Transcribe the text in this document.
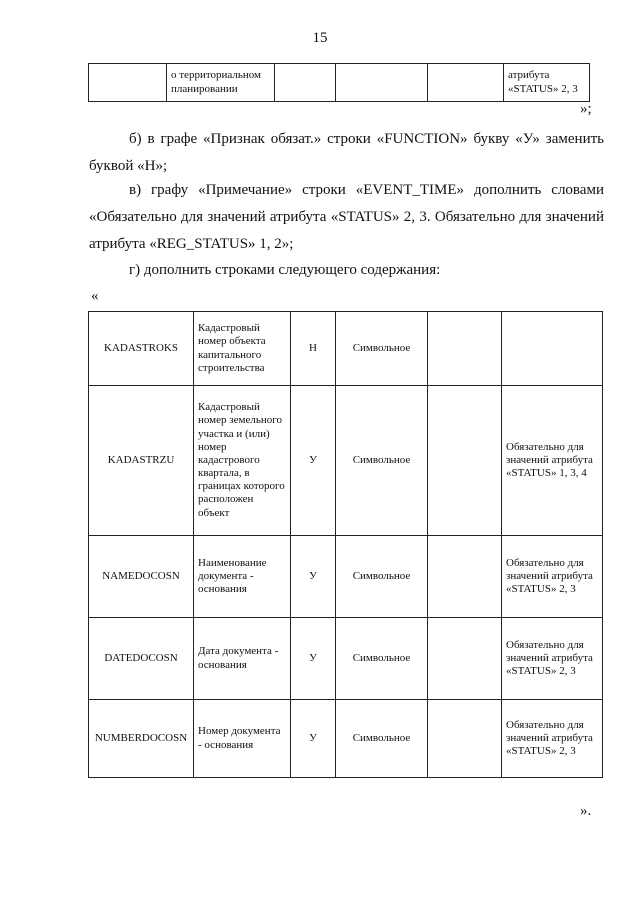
15
	о территориальном планировании				атрибута «STATUS» 2, 3
»;

б) в графе «Признак обязат.» строки «FUNCTION» букву «У» заменить буквой «Н»;

в) графу «Примечание» строки «EVENT_TIME» дополнить словами «Обязательно для значений атрибута «STATUS» 2, 3. Обязательно для значений атрибута «REG_STATUS» 1, 2»;

г) дополнить строками следующего содержания:

«
KADASTROKS	Кадастровый номер объекта капитального строительства	Н	Символьное		
KADASTRZU	Кадастровый номер земельного участка и (или) номер кадастрового квартала, в границах которого расположен объект	У	Символьное		Обязательно для значений атрибута «STATUS» 1, 3, 4
NAMEDOCOSN	Наименование документа - основания	У	Символьное		Обязательно для значений атрибута «STATUS» 2, 3
DATEDOCOSN	Дата документа - основания	У	Символьное		Обязательно для значений атрибута «STATUS» 2, 3
NUMBERDOCOSN	Номер документа - основания	У	Символьное		Обязательно для значений атрибута «STATUS» 2, 3
».
